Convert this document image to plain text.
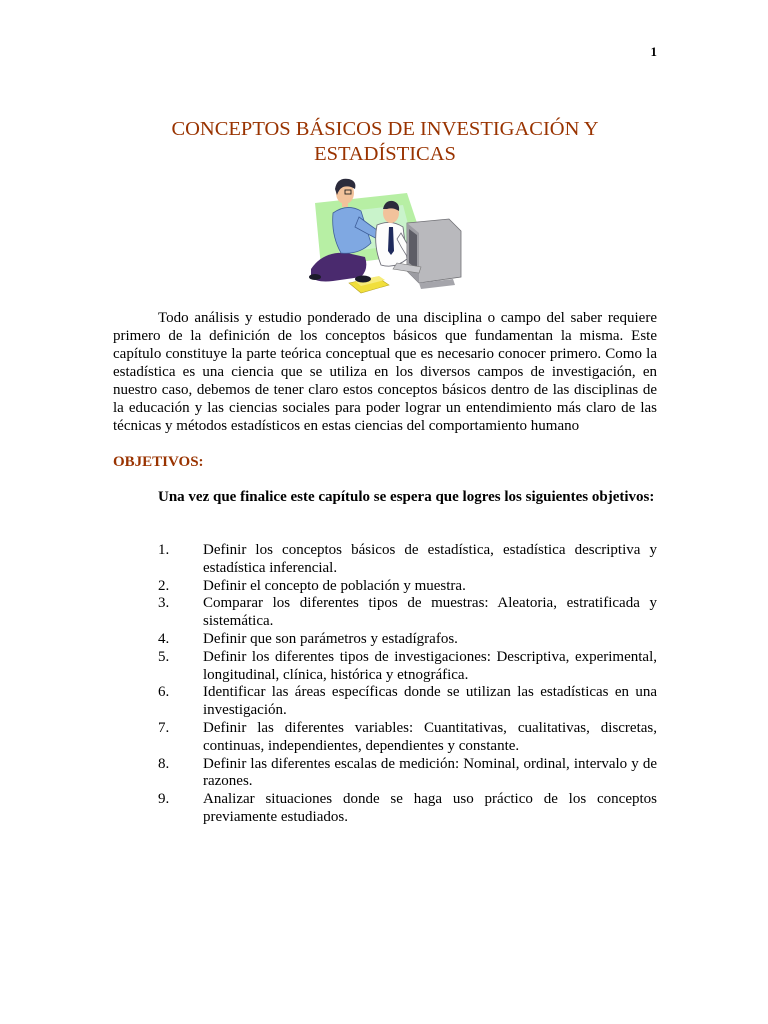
1
CONCEPTOS BÁSICOS DE INVESTIGACIÓN Y ESTADÍSTICAS

Todo análisis y estudio ponderado de una disciplina o campo del saber requiere primero de la definición de los conceptos básicos que fundamentan la misma. Este capítulo constituye la parte teórica conceptual que es necesario conocer primero. Como la estadística es una ciencia que se utiliza en los diversos campos de investigación, en nuestro caso, debemos de tener claro estos conceptos básicos dentro de las disciplinas de la educación y las ciencias sociales para poder lograr un entendimiento más claro de las técnicas y métodos estadísticos en estas ciencias del comportamiento humano

OBJETIVOS:

Una vez que finalice este capítulo se espera que logres los siguientes objetivos:

1.	Definir los conceptos básicos de estadística, estadística descriptiva y estadística inferencial.
2.	Definir el concepto de población y muestra.
3.	Comparar los diferentes tipos de muestras: Aleatoria, estratificada y sistemática.
4.	Definir que son parámetros y estadígrafos.
5.	Definir los diferentes tipos de investigaciones: Descriptiva, experimental, longitudinal, clínica, histórica y etnográfica.
6.	Identificar las áreas específicas donde se utilizan las estadísticas en una investigación.
7.	Definir las diferentes variables: Cuantitativas, cualitativas, discretas, continuas, independientes, dependientes y constante.
8.	Definir las diferentes escalas de medición: Nominal, ordinal, intervalo y de razones.
9.	Analizar situaciones donde se haga uso práctico de los conceptos previamente estudiados.
